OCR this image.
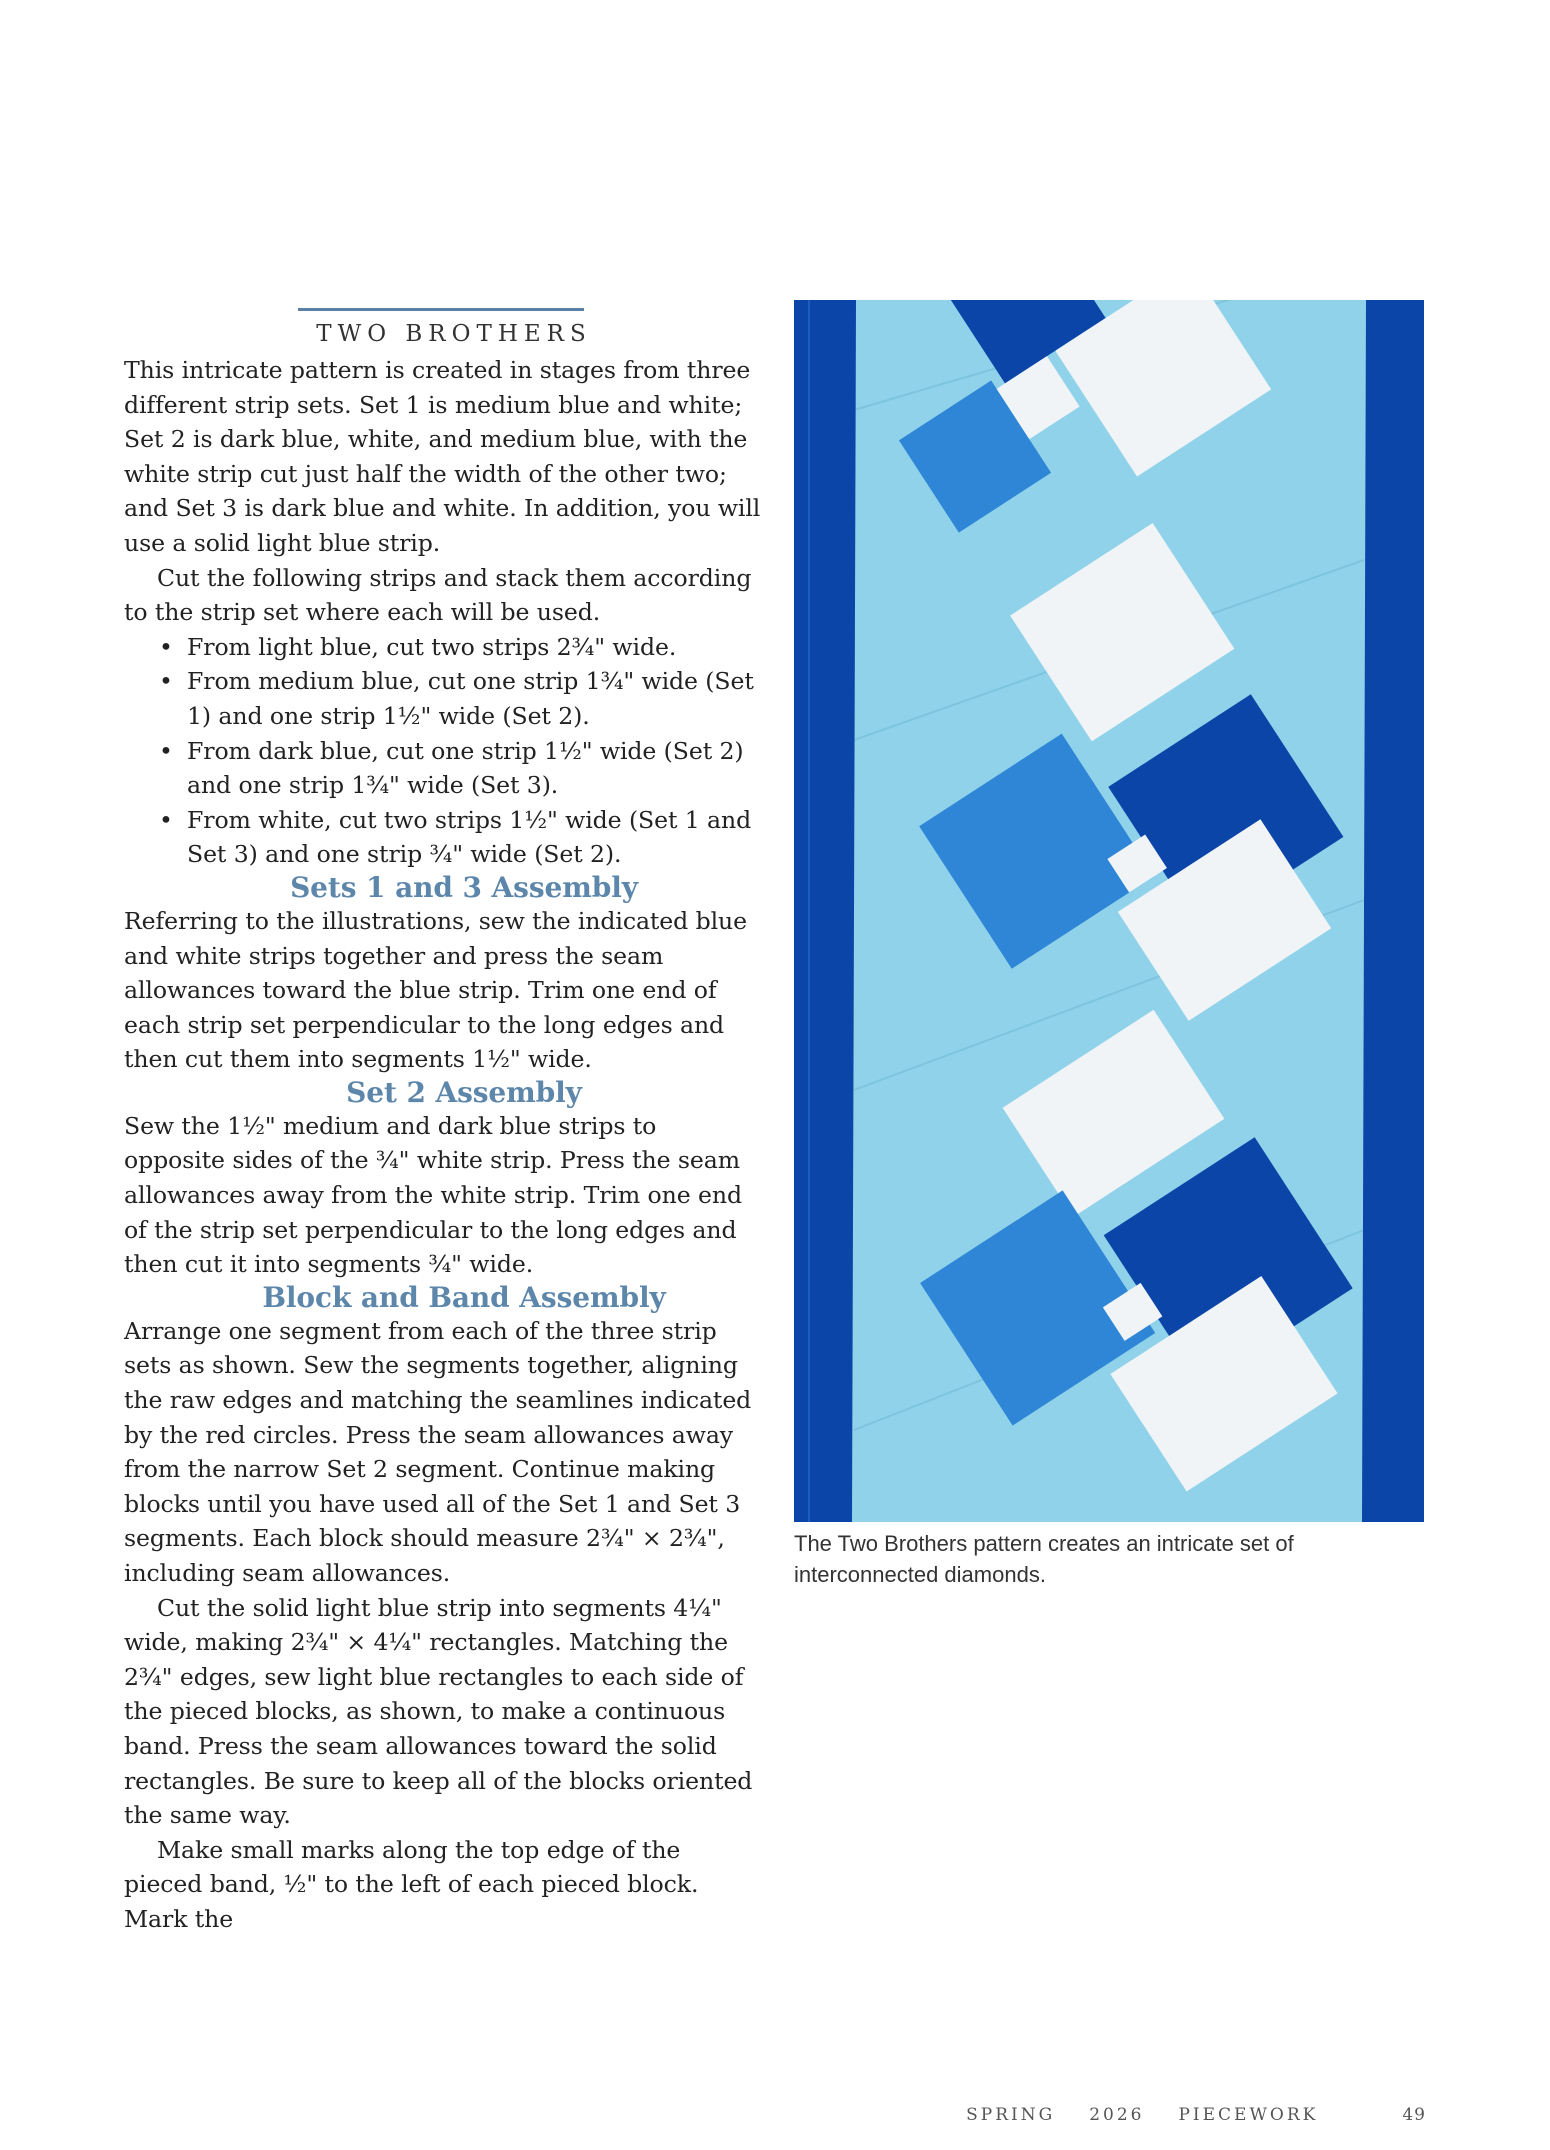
TWO BROTHERS

This intricate pattern is created in stages from three different strip sets. Set 1 is medium blue and white; Set 2 is dark blue, white, and medium blue, with the white strip cut just half the width of the other two; and Set 3 is dark blue and white. In addition, you will use a solid light blue strip.

Cut the following strips and stack them according to the strip set where each will be used.

• From light blue, cut two strips 2¾" wide.
• From medium blue, cut one strip 1¾" wide (Set 1) and one strip 1½" wide (Set 2).
• From dark blue, cut one strip 1½" wide (Set 2) and one strip 1¾" wide (Set 3).
• From white, cut two strips 1½" wide (Set 1 and Set 3) and one strip ¾" wide (Set 2).
Sets 1 and 3 Assembly

Referring to the illustrations, sew the indicated blue and white strips together and press the seam allowances toward the blue strip. Trim one end of each strip set perpendicular to the long edges and then cut them into segments 1½" wide.

Set 2 Assembly

Sew the 1½" medium and dark blue strips to opposite sides of the ¾" white strip. Press the seam allowances away from the white strip. Trim one end of the strip set perpendicular to the long edges and then cut it into segments ¾" wide.

Block and Band Assembly

Arrange one segment from each of the three strip sets as shown. Sew the segments together, aligning the raw edges and matching the seamlines indicated by the red circles. Press the seam allowances away from the narrow Set 2 segment. Continue making blocks until you have used all of the Set 1 and Set 3 segments. Each block should measure 2¾" × 2¾", including seam allowances.

Cut the solid light blue strip into segments 4¼" wide, making 2¾" × 4¼" rectangles. Matching the 2¾" edges, sew light blue rectangles to each side of the pieced blocks, as shown, to make a continuous band. Press the seam allowances toward the solid rectangles. Be sure to keep all of the blocks oriented the same way.

Make small marks along the top edge of the pieced band, ½" to the left of each pieced block. Mark the

The Two Brothers pattern creates an intricate set of interconnected diamonds.
SPRING 2026 PIECEWORK	49
